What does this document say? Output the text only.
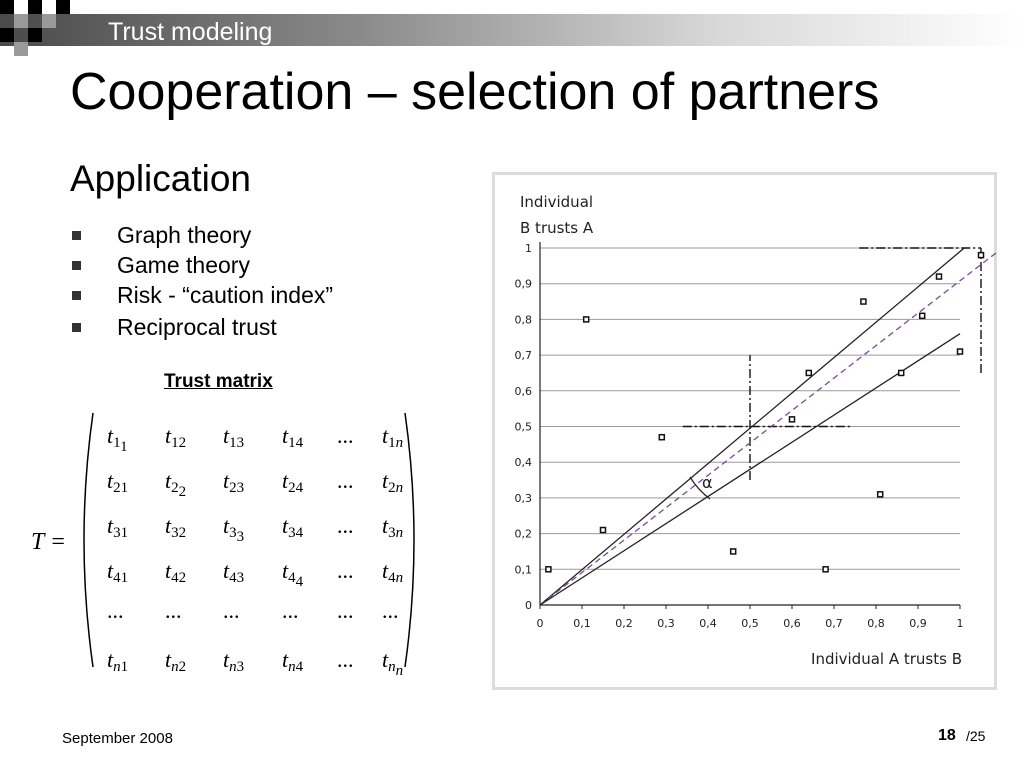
Trust modeling
Cooperation – selection of partners
Application
Graph theory
Game theory
Risk - “caution index”
Reciprocal trust
Trust matrix
T =
t11 t12 t13 t14 ... t1n
t21 t22 t23 t24 ... t2n
t31 t32 t33 t34 ... t3n
t41 t42 t43 t44 ... t4n
... ... ... ... ... ...
tn1 tn2 tn3 tn4 ... tnn
0
0,1
0,2
0,3
0,4
0,5
0,6
0,7
0,8
0,9
1
0	0,1 0,2 0,3 0,4 0,5 0,6 0,7 0,8 0,9	1
α
Individual
B trusts A
Individual A trusts B
September 2008	18 /25
